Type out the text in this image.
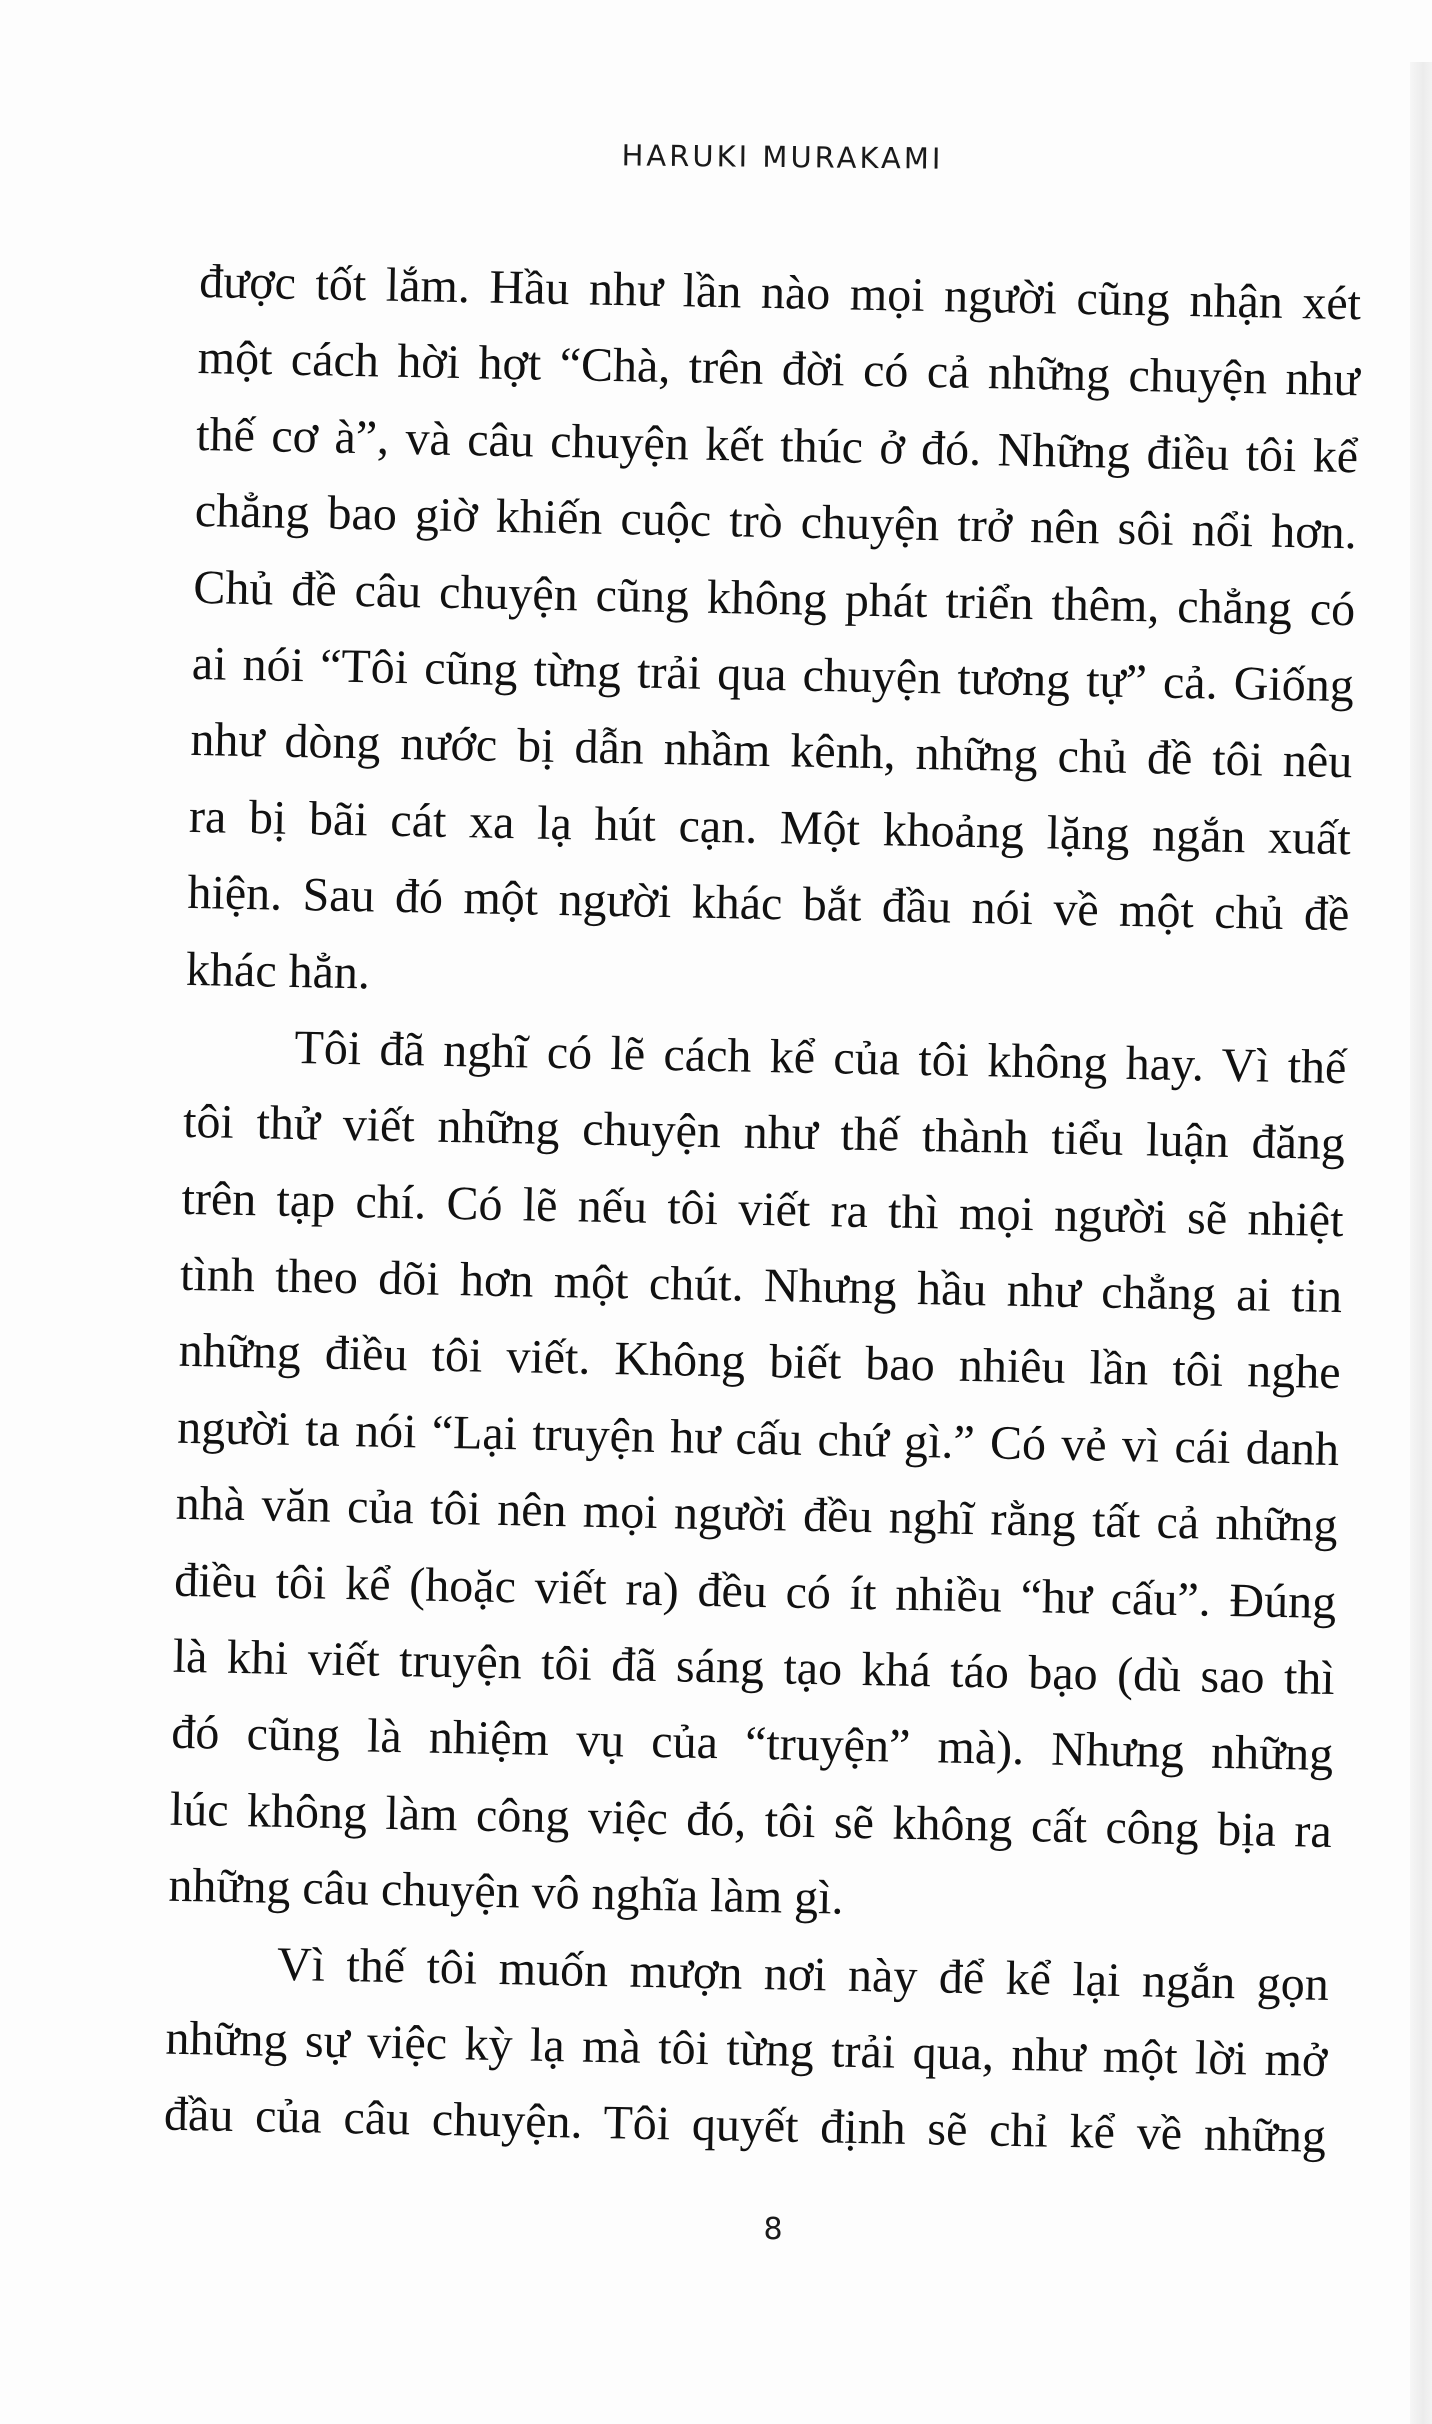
HARUKI MURAKAMI
được tốt lắm. Hầu như lần nào mọi người cũng nhận xét
một cách hời hợt “Chà, trên đời có cả những chuyện như
thế cơ à”, và câu chuyện kết thúc ở đó. Những điều tôi kể
chẳng bao giờ khiến cuộc trò chuyện trở nên sôi nổi hơn.
Chủ đề câu chuyện cũng không phát triển thêm, chẳng có
ai nói “Tôi cũng từng trải qua chuyện tương tự” cả. Giống
như dòng nước bị dẫn nhầm kênh, những chủ đề tôi nêu
ra bị bãi cát xa lạ hút cạn. Một khoảng lặng ngắn xuất
hiện. Sau đó một người khác bắt đầu nói về một chủ đề
khác hẳn.
Tôi đã nghĩ có lẽ cách kể của tôi không hay. Vì thế
tôi thử viết những chuyện như thế thành tiểu luận đăng
trên tạp chí. Có lẽ nếu tôi viết ra thì mọi người sẽ nhiệt
tình theo dõi hơn một chút. Nhưng hầu như chẳng ai tin
những điều tôi viết. Không biết bao nhiêu lần tôi nghe
người ta nói “Lại truyện hư cấu chứ gì.” Có vẻ vì cái danh
nhà văn của tôi nên mọi người đều nghĩ rằng tất cả những
điều tôi kể (hoặc viết ra) đều có ít nhiều “hư cấu”. Đúng
là khi viết truyện tôi đã sáng tạo khá táo bạo (dù sao thì
đó cũng là nhiệm vụ của “truyện” mà). Nhưng những
lúc không làm công việc đó, tôi sẽ không cất công bịa ra
những câu chuyện vô nghĩa làm gì.
Vì thế tôi muốn mượn nơi này để kể lại ngắn gọn
những sự việc kỳ lạ mà tôi từng trải qua, như một lời mở
đầu của câu chuyện. Tôi quyết định sẽ chỉ kể về những
8
